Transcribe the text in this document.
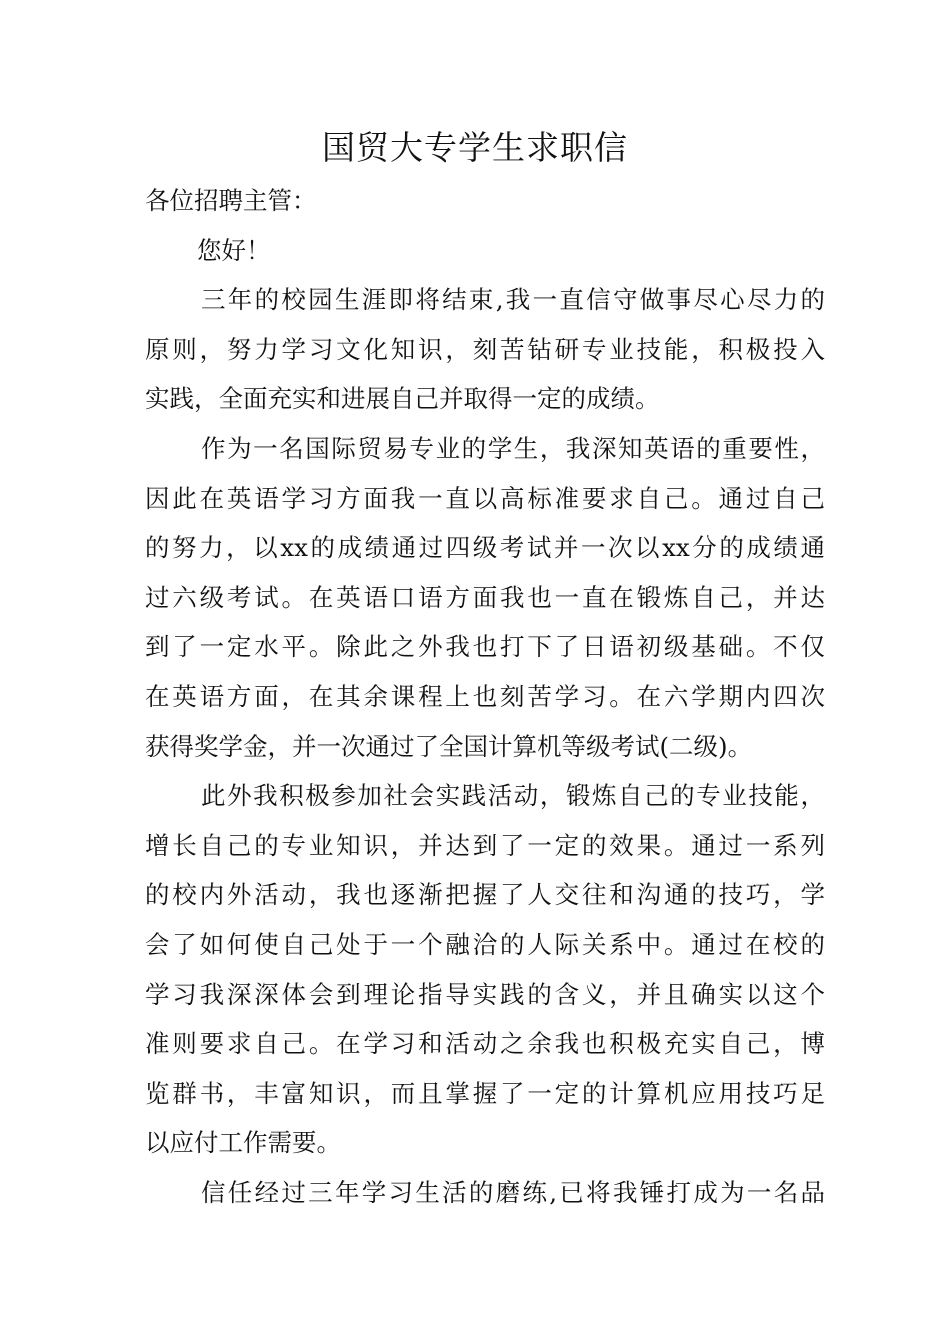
国贸大专学生求职信
各位招聘主管：
您好！
三年的校园生涯即将结束,我一直信守做事尽心尽力的
原则，努力学习文化知识，刻苦钻研专业技能，积极投入
实践，全面充实和进展自己并取得一定的成绩。
作为一名国际贸易专业的学生，我深知英语的重要性，
因此在英语学习方面我一直以高标准要求自己。通过自己
的努力，以xx的成绩通过四级考试并一次以xx分的成绩通
过六级考试。在英语口语方面我也一直在锻炼自己，并达
到了一定水平。除此之外我也打下了日语初级基础。不仅
在英语方面，在其余课程上也刻苦学习。在六学期内四次
获得奖学金，并一次通过了全国计算机等级考试(二级)。
此外我积极参加社会实践活动，锻炼自己的专业技能，
增长自己的专业知识，并达到了一定的效果。通过一系列
的校内外活动，我也逐渐把握了人交往和沟通的技巧，学
会了如何使自己处于一个融洽的人际关系中。通过在校的
学习我深深体会到理论指导实践的含义，并且确实以这个
准则要求自己。在学习和活动之余我也积极充实自己，博
览群书，丰富知识，而且掌握了一定的计算机应用技巧足
以应付工作需要。
信任经过三年学习生活的磨练,已将我锤打成为一名品
